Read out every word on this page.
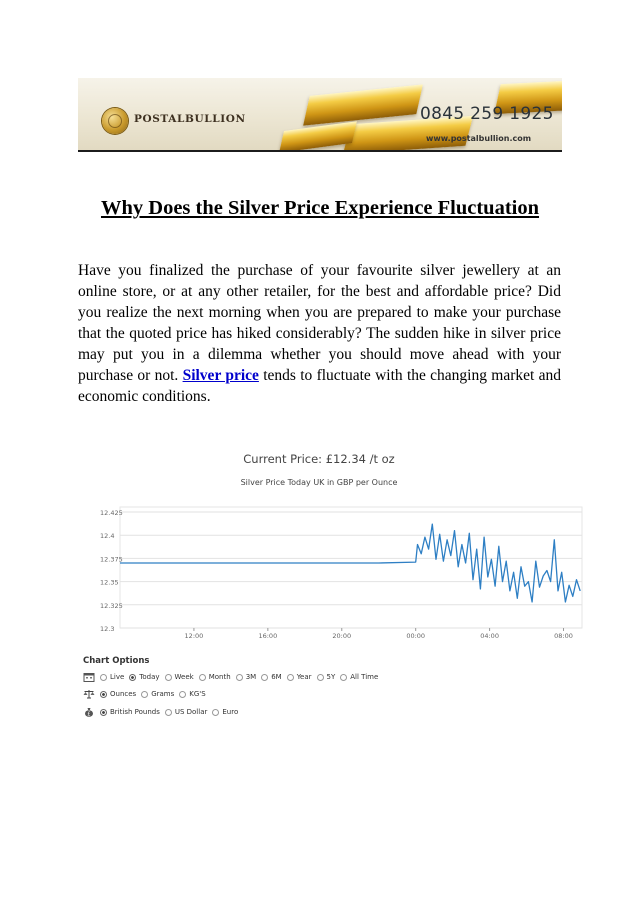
POSTALBULLION	0845 259 1925
www.postalbullion.com
Why Does the Silver Price Experience Fluctuation

Have you finalized the purchase of your favourite silver jewellery at an online store, or at any other retailer, for the best and affordable price? Did you realize the next morning when you are prepared to make your purchase that the quoted price has hiked considerably? The sudden hike in silver price may put you in a dilemma whether you should move ahead with your purchase or not. Silver price tends to fluctuate with the changing market and economic conditions.

Current Price: £12.34 /t oz
Silver Price Today UK in GBP per Ounce
12.425
12.4
12.375
12.35
12.325
12.3
12:00	16:00	20:00	00:00	04:00	08:00
Chart Options
Live Today Week Month 3M 6M Year 5Y All Time
Ounces Grams KG'S
£	British Pounds US Dollar Euro
